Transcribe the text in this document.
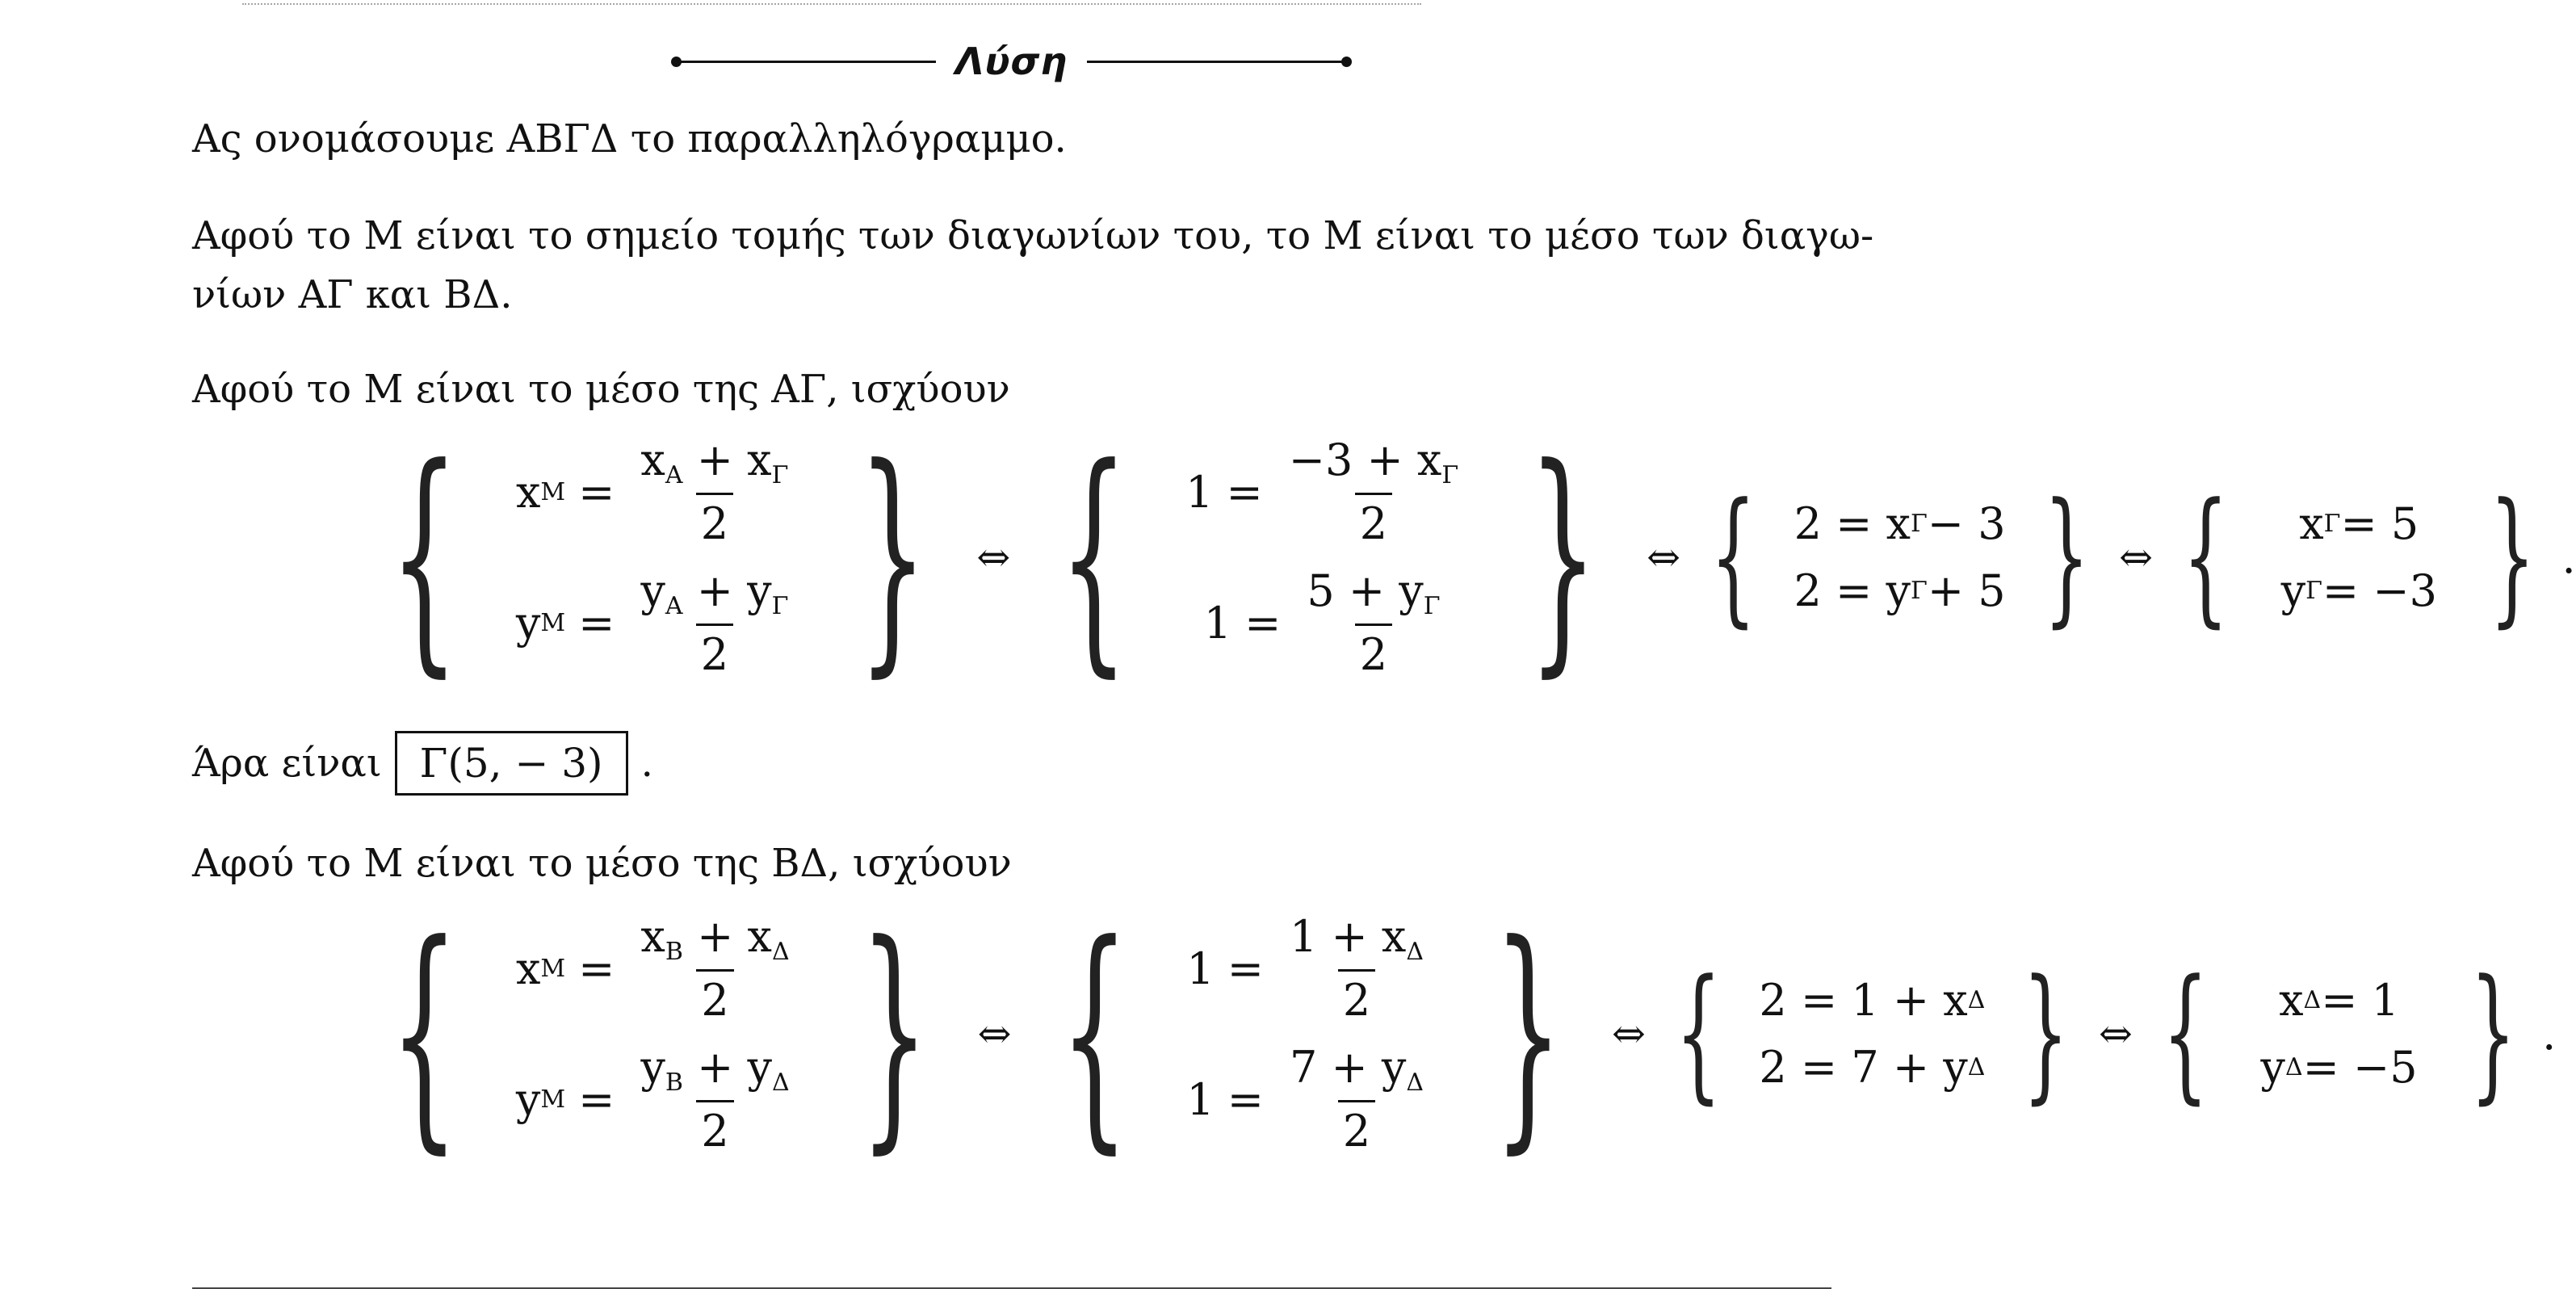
Λύση
Ας ονομάσουμε ΑΒΓΔ το παραλληλόγραμμο.
Αφού το Μ είναι το σημείο τομής των διαγωνίων του, το Μ είναι το μέσο των διαγω-
νίων ΑΓ και ΒΔ.
Αφού το Μ είναι το μέσο της ΑΓ, ισχύουν
{ x $M = \frac{x_A + x_\Gamma}{2}$
y $M = \frac{y_A + y_\Gamma}{2}$ } ⇔ { $1 = \frac{-3 + x_\Gamma}{2}$
$1 = \frac{5 + y_\Gamma}{2}$ } ⇔ { 2 = x Γ − 3
2 = y Γ + 5 } ⇔ { x Γ = 5
y Γ = −3 } .
Άρα είναι Γ(5, − 3) .
Αφού το Μ είναι το μέσο της ΒΔ, ισχύουν
{ x $M = \frac{x_B + x_\Delta}{2}$
y $M = \frac{y_B + y_\Delta}{2}$ } ⇔ { $1 = \frac{1 + x_\Delta}{2}$
$1 = \frac{7 + y_\Delta}{2}$ } ⇔ { 2 = 1 + x Δ
2 = 7 + y Δ } ⇔ { x Δ = 1
y Δ = −5 } .
